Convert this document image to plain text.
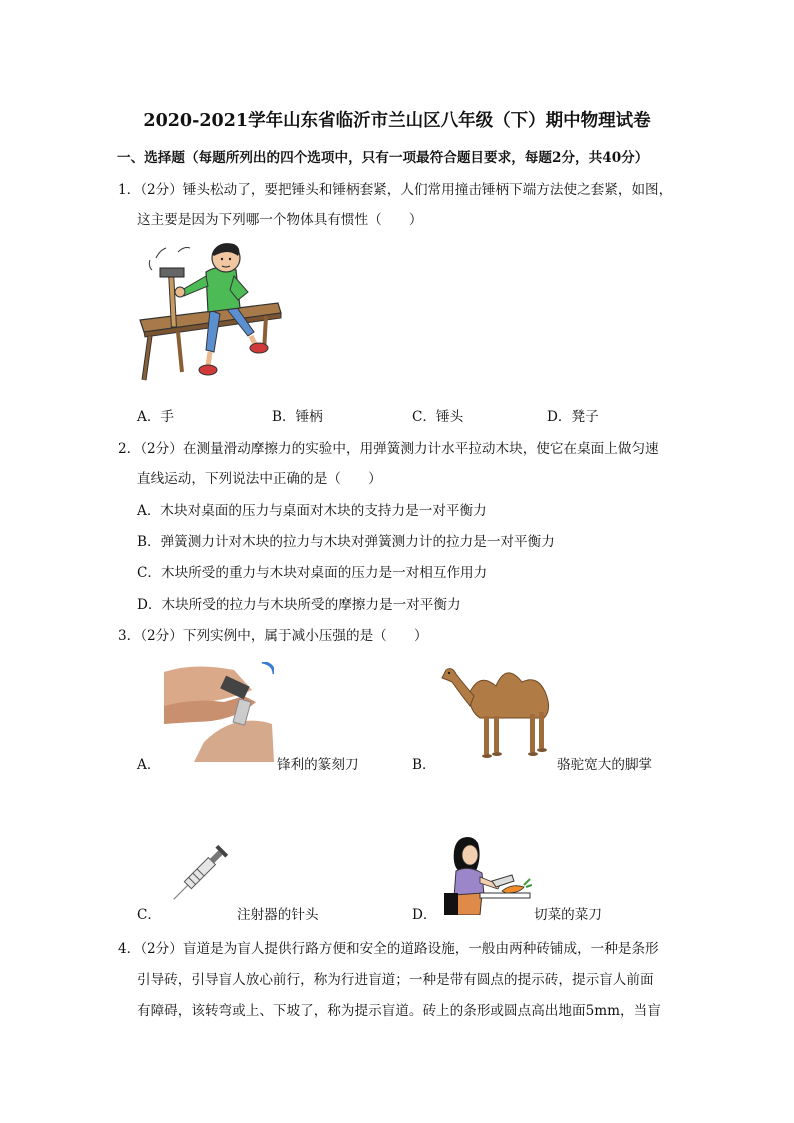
2020-2021学年山东省临沂市兰山区八年级（下）期中物理试卷
一、选择题（每题所列出的四个选项中，只有一项最符合题目要求，每题2分，共40分）
1．（2分）锤头松动了，要把锤头和锤柄套紧，人们常用撞击锤柄下端方法使之套紧，如图，
这主要是因为下列哪一个物体具有惯性（　　）
A．手	B．锤柄	C．锤头	D．凳子
2．（2分）在测量滑动摩擦力的实验中，用弹簧测力计水平拉动木块，使它在桌面上做匀速
直线运动，下列说法中正确的是（　　）
A．木块对桌面的压力与桌面对木块的支持力是一对平衡力
B．弹簧测力计对木块的拉力与木块对弹簧测力计的拉力是一对平衡力
C．木块所受的重力与木块对桌面的压力是一对相互作用力
D．木块所受的拉力与木块所受的摩擦力是一对平衡力
3．（2分）下列实例中，属于减小压强的是（　　）
A．	锋利的篆刻刀	B．	骆驼宽大的脚掌
C．	注射器的针头	D．	切菜的菜刀
4．（2分）盲道是为盲人提供行路方便和安全的道路设施，一般由两种砖铺成，一种是条形
引导砖，引导盲人放心前行，称为行进盲道；一种是带有圆点的提示砖，提示盲人前面
有障碍，该转弯或上、下坡了，称为提示盲道。砖上的条形或圆点高出地面5mm，当盲
